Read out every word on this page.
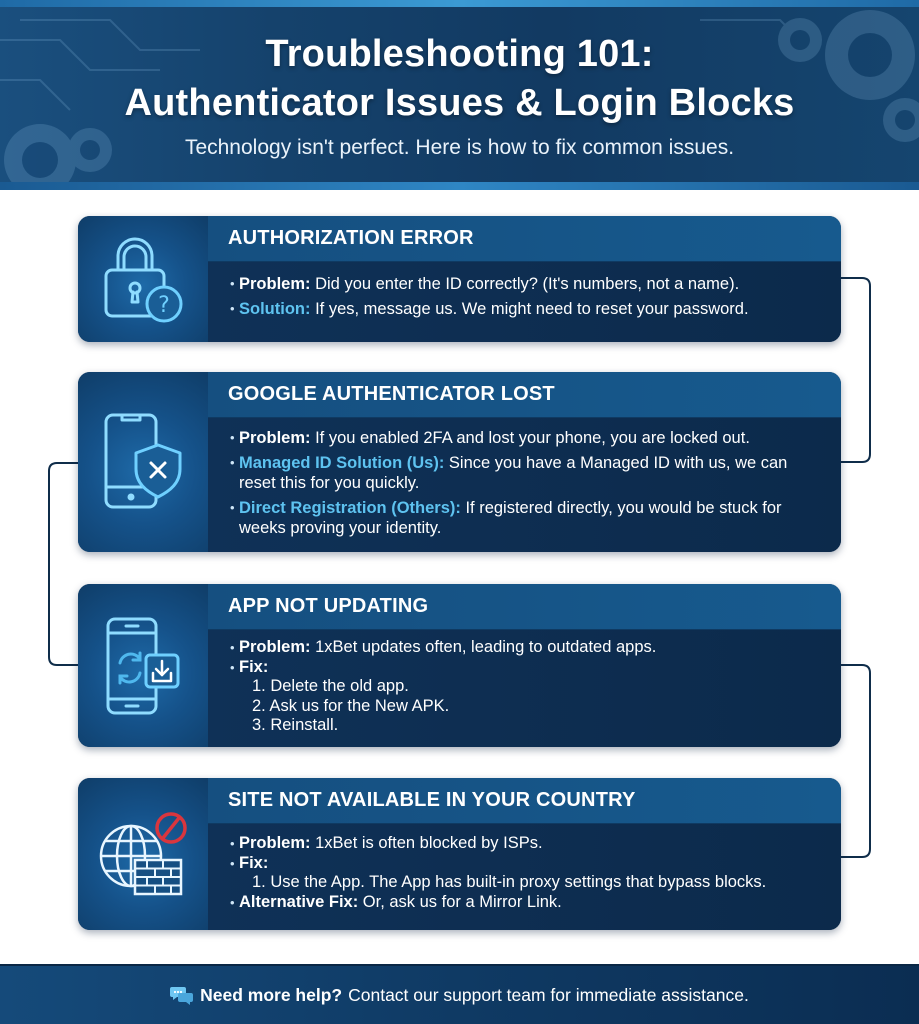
Troubleshooting 101:
Authenticator Issues & Login Blocks
Technology isn't perfect. Here is how to fix common issues.
?
AUTHORIZATION ERROR
• Problem: Did you enter the ID correctly? (It's numbers, not a name).
• Solution: If yes, message us. We might need to reset your password.
GOOGLE AUTHENTICATOR LOST
• Problem: If you enabled 2FA and lost your phone, you are locked out.
• Managed ID Solution (Us): Since you have a Managed ID with us, we can reset this for you quickly.
• Direct Registration (Others): If registered directly, you would be stuck for weeks proving your identity.
APP NOT UPDATING
• Problem: 1xBet updates often, leading to outdated apps.
• Fix:
1. Delete the old app.
2. Ask us for the New APK.
3. Reinstall.
SITE NOT AVAILABLE IN YOUR COUNTRY
• Problem: 1xBet is often blocked by ISPs.
• Fix:
1. Use the App. The App has built-in proxy settings that bypass blocks.
• Alternative Fix: Or, ask us for a Mirror Link.
Need more help? Contact our support team for immediate assistance.
